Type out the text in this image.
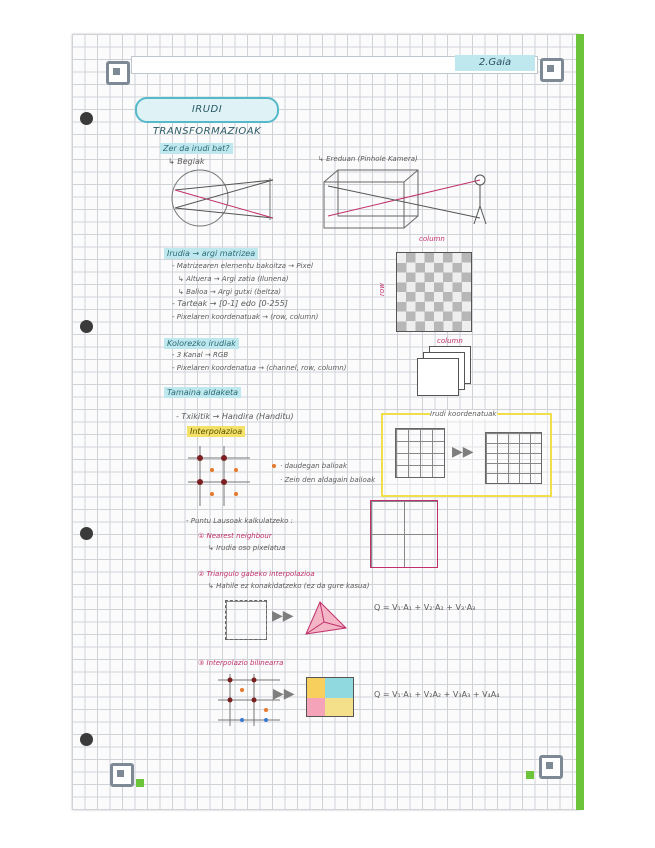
2.Gaia
IRUDI TRANSFORMAZIOAK
Zer da irudi bat?
↳ Begiak	↳ Ereduan (Pinhole Kamera)
Irudia → argi matrizea
- Matrizearen elementu bakoitza → Pixel
↳ Altuera → Argi zatia (Ilunena)
↳ Balioa → Argi gutxi (beltza)
- Tarteak → [0-1] edo [0-255]
- Pixelaren koordenatuak → (row, column)
column
row
Kolorezko irudiak
- 3 Kanal → RGB
- Pixelaren koordenatua → (channel, row, column)
column
Tamaina aldaketa
- Txikitik → Handira (Handitu)
Interpolazioa
· daudegan balioak
· Zein den aldagain balioak
Irudi koordenatuak
▶▶
- Puntu Lausoak kalkulatzeko :
① Nearest neighbour
↳ Irudia oso pixelatua
② Triangulo gabeko interpolazioa
↳ Hahile ez konakidatzeko (ez da gure kasua)
▶▶
Q = V₁·A₁ + V₂·A₂ + V₃·A₃
③ Interpolazio bilinearra
▶▶	Q = V₁·A₁ + V₂A₂ + V₃A₃ + V₄A₄
